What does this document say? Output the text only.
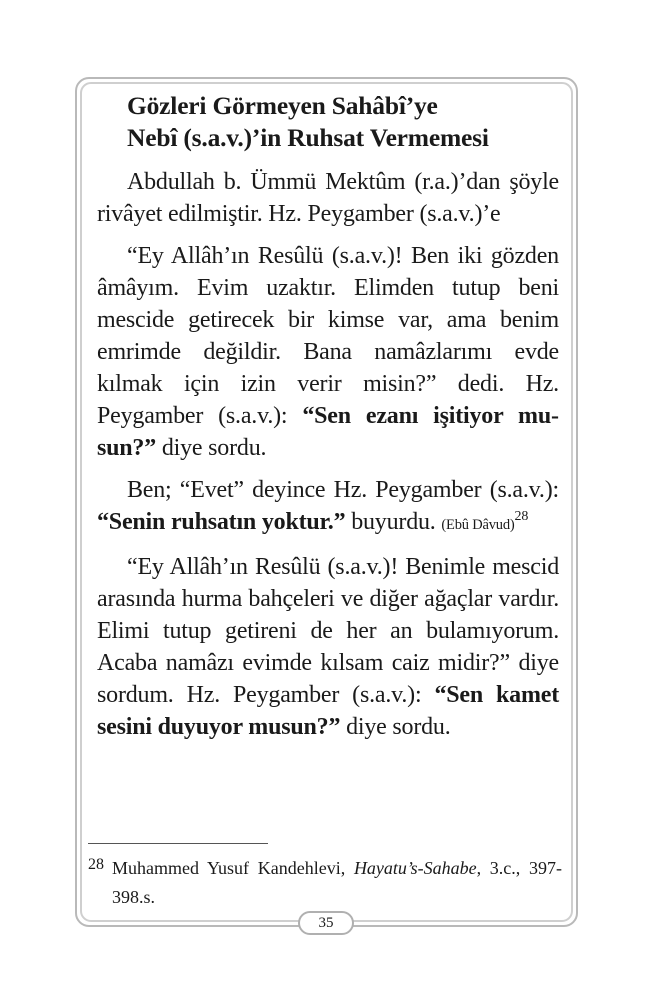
Gözleri Görmeyen Sahâbî’ye
Nebî (s.a.v.)’in Ruhsat Vermemesi

Abdullah b. Ümmü Mektûm (r.a.)’dan şöyle rivâyet edilmiştir. Hz. Peygamber (s.a.v.)’e

“Ey Allâh’ın Resûlü (s.a.v.)! Ben iki gözden âmâyım. Evim uzaktır. Elimden tutup beni mescide getirecek bir kimse var, ama benim emrimde değildir. Bana namâzlarımı evde kılmak için izin verir misin?” dedi. Hz. Peygamber (s.a.v.): “Sen ezanı işitiyor musun?” diye sordu.

Ben; “Evet” deyince Hz. Peygamber (s.a.v.): “Senin ruhsatın yoktur.” buyurdu. (Ebû Dâvud)$^{28}$

“Ey Allâh’ın Resûlü (s.a.v.)! Benimle mescid arasında hurma bahçeleri ve diğer ağaçlar vardır. Elimi tutup getireni de her an bulamıyorum. Acaba namâzı evimde kılsam caiz midir?” diye sordum. Hz. Peygamber (s.a.v.): “Sen kamet sesini duyuyor musun?” diye sordu.

28 Muhammed Yusuf Kandehlevi, Hayatu’s-Sahabe, 3.c., 397-398.s.
35
